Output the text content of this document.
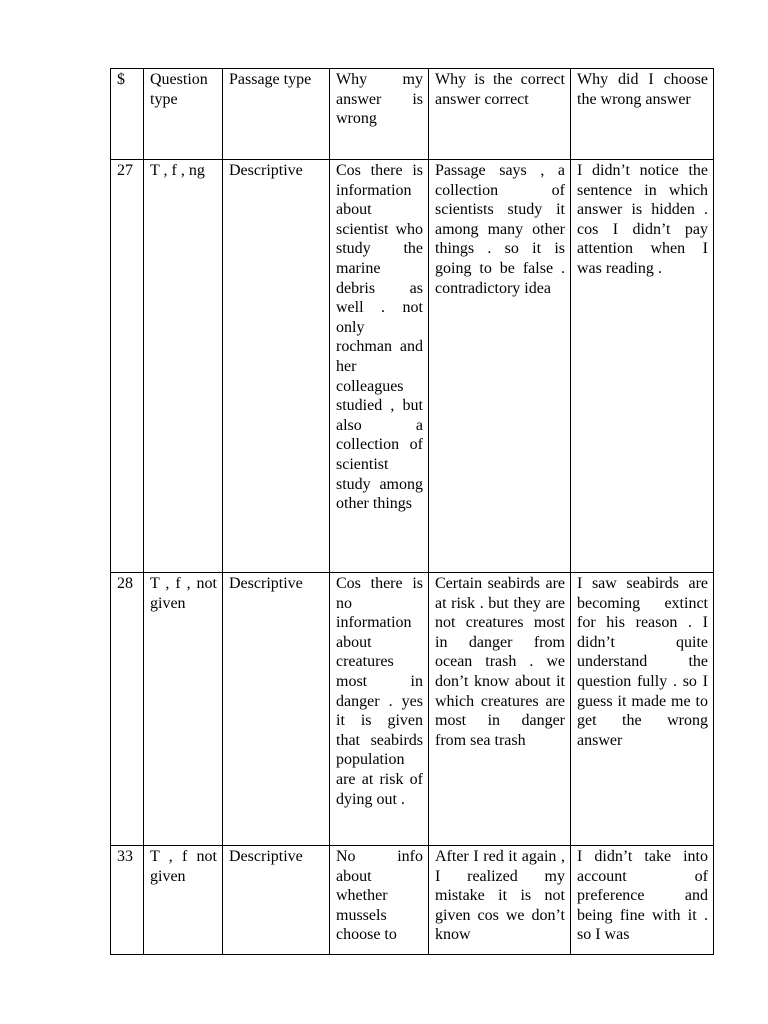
$	Question type	Passage type	Why my answer is wrong	Why is the correct answer correct	Why did I choose the wrong answer
27	T , f , ng	Descriptive	Cos there is information about scientist who study the marine debris as well . not only rochman and her colleagues studied , but also a collection of scientist study among other things	Passage says , a collection of scientists study it among many other things . so it is going to be false . contradictory idea	I didn’t notice the sentence in which answer is hidden . cos I didn’t pay attention when I was reading .
28	T , f , not given	Descriptive	Cos there is no information about creatures most in danger . yes it is given that seabirds population are at risk of dying out .	Certain seabirds are at risk . but they are not creatures most in danger from ocean trash . we don’t know about it which creatures are most in danger from sea trash	I saw seabirds are becoming extinct for his reason . I didn’t quite understand the question fully . so I guess it made me to get the wrong answer
33	T , f not given	Descriptive	No info about whether mussels choose to	After I red it again , I realized my mistake it is not given cos we don’t know	I didn’t take into account of preference and being fine with it . so I was
